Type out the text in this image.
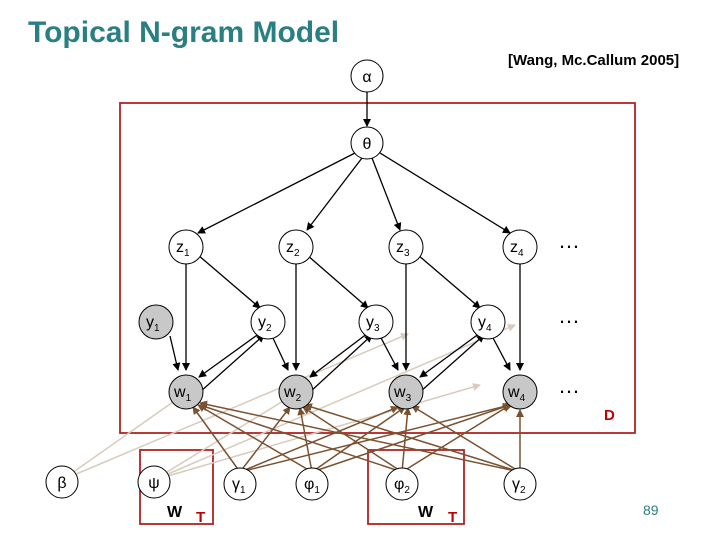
Topical N-gram Model
[Wang, Mc.Callum 2005]
89
α
θ
$z_1$	$z_2$	$z_3$	$z_4$
$y_1$	$y_2$	$y_3$	$y_4$
$w_1$	$w_2$	$w_3$	$w_4$
…
…
…
β	ψ	$\gamma_1$	$\varphi_1$	$\varphi_2$	$\gamma_2$
D
W T	W T
